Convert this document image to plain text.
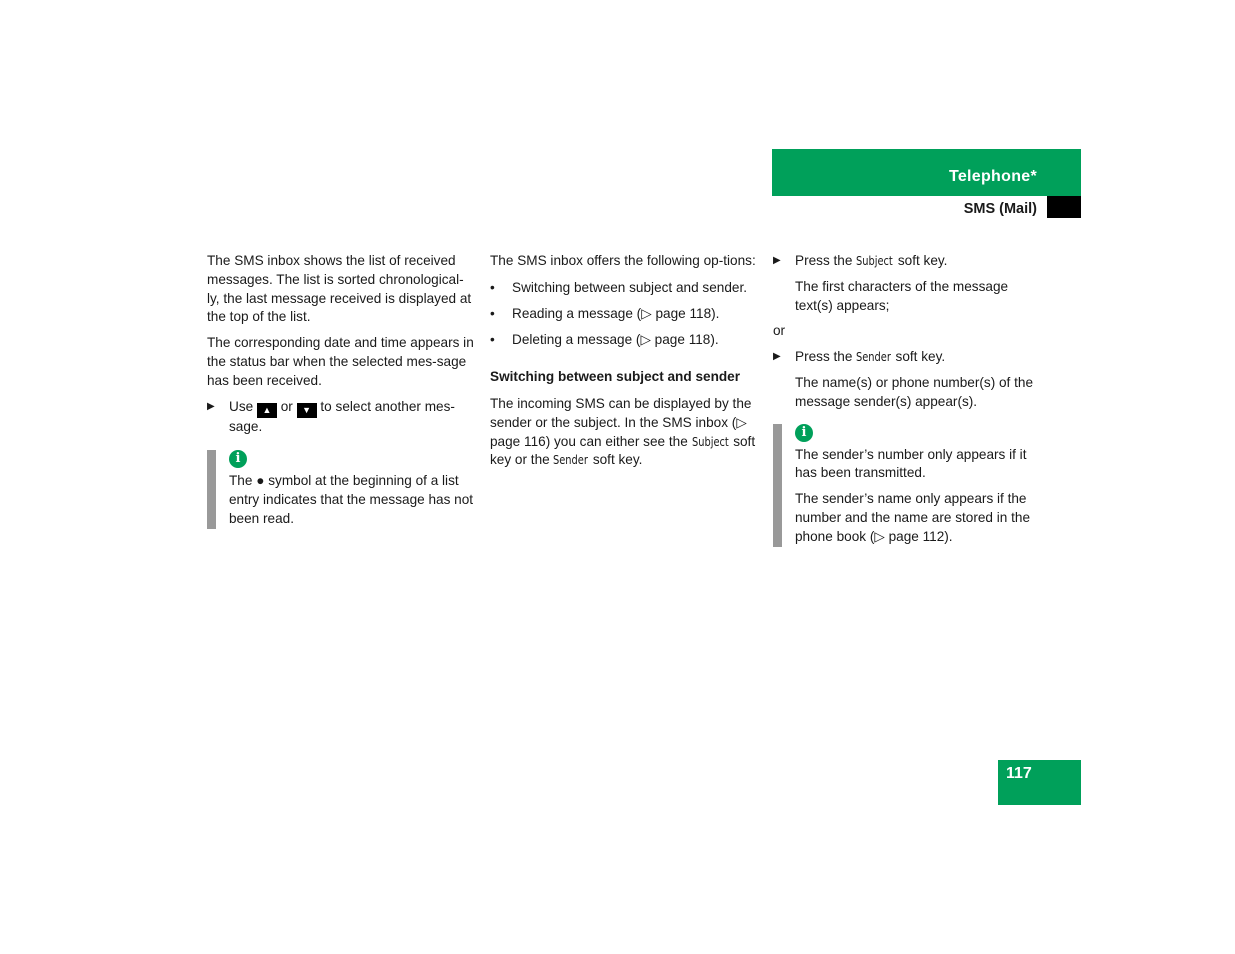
Telephone*
SMS (Mail)

The SMS inbox shows the list of received messages. The list is sorted chronological-ly, the last message received is displayed at the top of the list.

The corresponding date and time appears in the status bar when the selected mes-sage has been received.

▶ Use ▲ or ▼ to select another mes-sage.
i

The ● symbol at the beginning of a list entry indicates that the message has not been read.

The SMS inbox offers the following op-tions:

• Switching between subject and sender.
• Reading a message (▷ page 118).
• Deleting a message (▷ page 118).

Switching between subject and sender

The incoming SMS can be displayed by the sender or the subject. In the SMS inbox (▷ page 116) you can either see the Subject soft key or the Sender soft key.

▶ Press the Subject soft key.

The first characters of the message text(s) appears;

or

▶ Press the Sender soft key.

The name(s) or phone number(s) of the message sender(s) appear(s).

i

The sender’s number only appears if it has been transmitted.

The sender’s name only appears if the number and the name are stored in the phone book (▷ page 112).

117
